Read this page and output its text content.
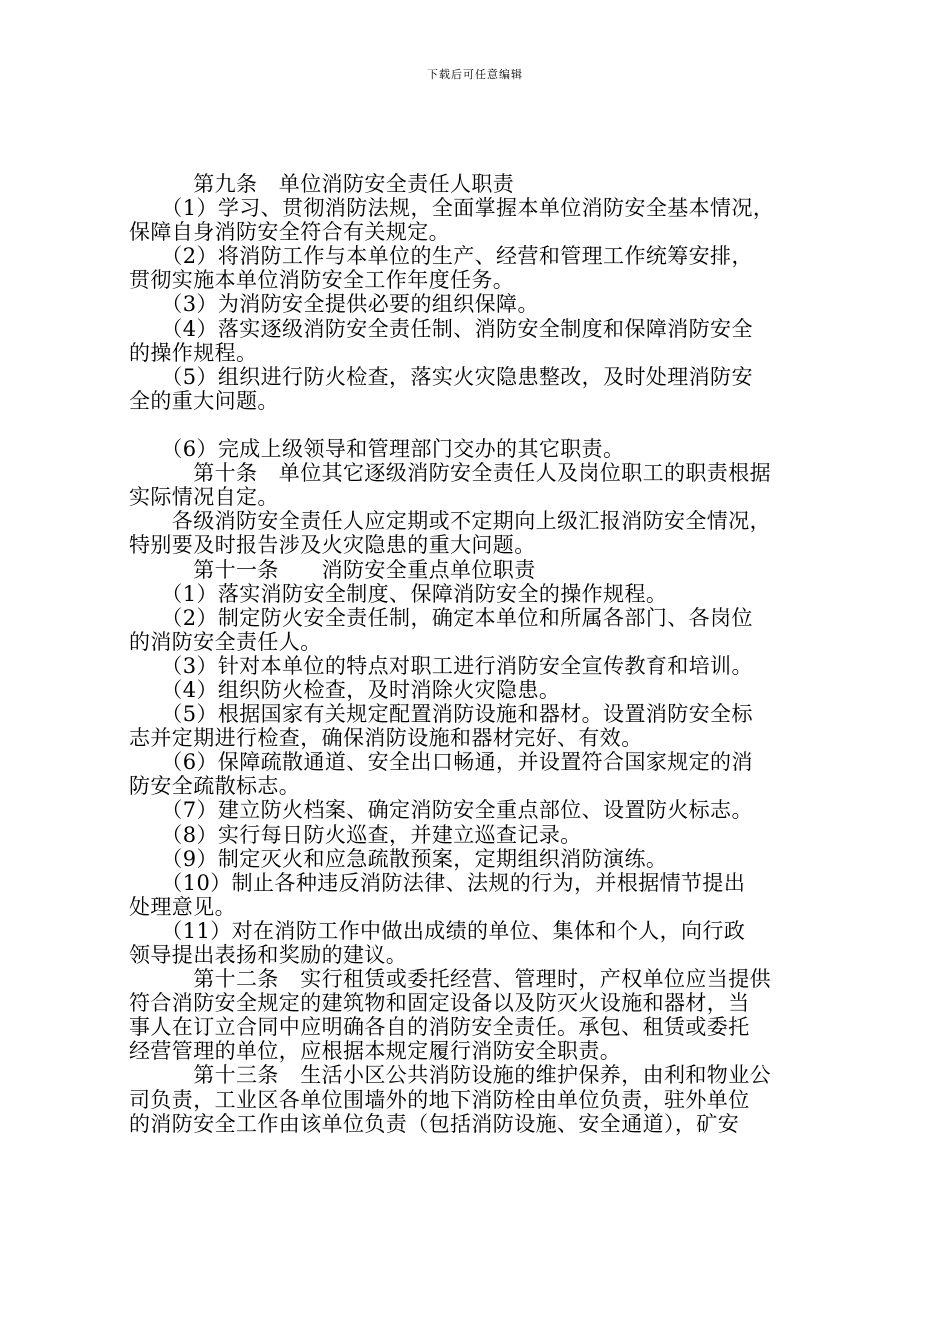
下载后可任意编辑
　　　第九条　单位消防安全责任人职责
　　（1）学习、贯彻消防法规，全面掌握本单位消防安全基本情况，
保障自身消防安全符合有关规定。
　　（2）将消防工作与本单位的生产、经营和管理工作统筹安排，
贯彻实施本单位消防安全工作年度任务。
　　（3）为消防安全提供必要的组织保障。
　　（4）落实逐级消防安全责任制、消防安全制度和保障消防安全
的操作规程。
　　（5）组织进行防火检查，落实火灾隐患整改，及时处理消防安
全的重大问题。
　　（6）完成上级领导和管理部门交办的其它职责。
　　　第十条　单位其它逐级消防安全责任人及岗位职工的职责根据
实际情况自定。
　　各级消防安全责任人应定期或不定期向上级汇报消防安全情况，
特别要及时报告涉及火灾隐患的重大问题。
　　　第十一条　　消防安全重点单位职责
　　（1）落实消防安全制度、保障消防安全的操作规程。
　　（2）制定防火安全责任制，确定本单位和所属各部门、各岗位
的消防安全责任人。
　　（3）针对本单位的特点对职工进行消防安全宣传教育和培训。
　　（4）组织防火检查，及时消除火灾隐患。
　　（5）根据国家有关规定配置消防设施和器材。设置消防安全标
志并定期进行检查，确保消防设施和器材完好、有效。
　　（6）保障疏散通道、安全出口畅通，并设置符合国家规定的消
防安全疏散标志。
　　（7）建立防火档案、确定消防安全重点部位、设置防火标志。
　　（8）实行每日防火巡查，并建立巡查记录。
　　（9）制定灭火和应急疏散预案，定期组织消防演练。
　　（10）制止各种违反消防法律、法规的行为，并根据情节提出
处理意见。
　　（11）对在消防工作中做出成绩的单位、集体和个人，向行政
领导提出表扬和奖励的建议。
　　　第十二条　实行租赁或委托经营、管理时，产权单位应当提供
符合消防安全规定的建筑物和固定设备以及防灭火设施和器材，当
事人在订立合同中应明确各自的消防安全责任。承包、租赁或委托
经营管理的单位，应根据本规定履行消防安全职责。
　　　第十三条　生活小区公共消防设施的维护保养，由利和物业公
司负责，工业区各单位围墙外的地下消防栓由单位负责，驻外单位
的消防安全工作由该单位负责（包括消防设施、安全通道），矿安
